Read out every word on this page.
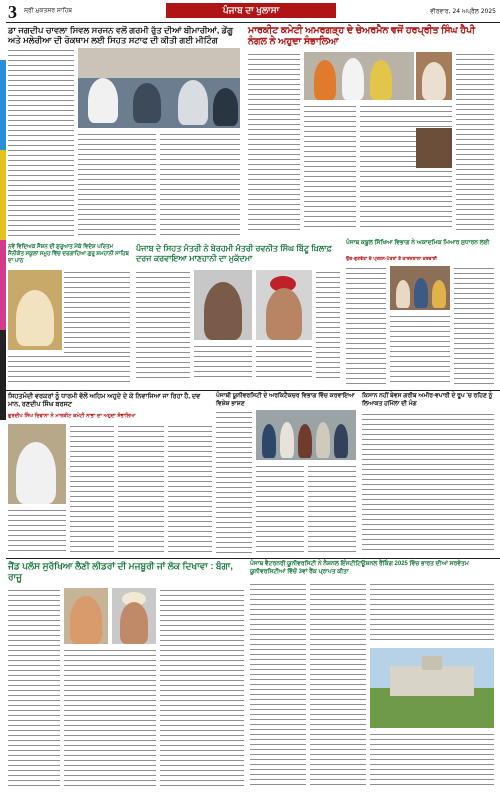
3 ਸ੍ਰੀ ਮੁਕਤਸਰ ਸਾਹਿਬ	ਪੰਜਾਬ ਦਾ ਖੁਲਾਸਾ	ਵੀਰਵਾਰ, 24 ਅਪ੍ਰੈਲ 2025
ਡਾ ਜਗਦੀਪ ਚਾਵਲਾ ਸਿਵਲ ਸਰਜਨ ਵਲੋਂ ਗਰਮੀ ਰੁੱਤ ਦੀਆਂ ਬੀਮਾਰੀਆਂ, ਡੇਂਗੂ ਅਤੇ ਮਲੇਰੀਆ ਦੀ ਰੋਕਥਾਮ ਲਈ ਸਿਹਤ ਸਟਾਫ ਦੀ ਕੀਤੀ ਗਈ ਮੀਟਿੰਗ
ਮਾਰਕੀਟ ਕਮੇਟੀ ਅਮਰਗੜ੍ਹ ਦੇ ਚੇਅਰਮੈਨ ਵਜੋਂ ਹਰਪ੍ਰੀਤ ਸਿੰਘ ਹੈਪੀ ਨੰਗਲ ਨੇ ਅਹੁਦਾ ਸੰਭਾਲਿਆ
ਨਵੇਂ ਵਿਦਿਅਕ ਸੈਸ਼ਨ ਦੀ ਸ਼ੁਰੂਆਤ ਮੌਕੇ ਵਿਦੇਸ਼ ਪਰਿਤਮ ਸੈਨੀਕੇਤ ਸਕੂਲਾਂ ਸਮੂਹ ਵਿੱਚ ਦਰਗਾਹਿਆ ਗੁਰੂ ਸ਼ਮਹਾਨੀ ਸਾਹਿਬ ਦਾ ਪਾਠ
ਪੰਜਾਬ ਦੇ ਸਿਹਤ ਮੰਤਰੀ ਨੇ ਬੇਰਹਮੀ ਮੰਤਰੀ ਰਵਨੀਤ ਸਿੰਘ ਬਿੱਟੂ ਖ਼ਿਲਾਫ਼ ਦਰਜ ਕਰਵਾਇਆ ਮਾਣਹਾਨੀ ਦਾ ਮੁਕੱਦਮਾ
ਪੰਜਾਬ ਕਬੂਲ ਸਿੱਖਿਆ ਵਿਭਾਗ ਨੇ ਅਕਾਦਮਿਕ ਮਿਆਰ ਸੁਧਾਰਨ ਲਈ
ਉਚ-ਗੁਣਵੱਤਾ ਦੇ ਪ੍ਰਸ਼ਨ-ਪੱਤਰਾਂ ਤੇ ਕਾਰਜਸ਼ਾਲਾ ਕਰਵਾਈ
ਸਿਹਤਮੰਦੀ ਵਰਕਰਾਂ ਨੂੰ ਧਾਰਮੀ ਵੱਲੋਂ ਅਹਿਮ ਅਹੁਦੇ ਦੇ ਕੇ ਨਿਵਾਜਿਆ ਜਾ ਰਿਹਾ ਹੈ, ਦਵ ਮਾਨ, ਰਣਦੀਪ ਸਿੰਘ ਬਰਸਟ
ਗੁਰਦੀਪ ਸਿੰਘ ਦਿਵਾਨਾ ਨੇ ਮਾਰਕੀਟ ਕਮੇਟੀ ਨਾਭਾ ਦਾ ਅਹੁਦਾ ਸੰਭਾਲਿਆ
ਪੰਜਾਬੀ ਯੂਨੀਵਰਸਿਟੀ ਦੇ ਅਰਕਿਟੈਕਚਰ ਵਿਭਾਗ ਵਿੱਚ ਕਰਵਾਇਆ ਵਿਸ਼ੇਸ਼ ਭਾਸ਼ਣ
ਕਿਸਾਨ ਨਹੀਂ ਬੇਵਸ ਗਰੀਬ ਅਮੀਰ-ਵਪਾਰੀ ਦੇ ਰੂਪ 'ਚ ਰਹਿਣ ਨੂੰ ਲਿਆਕਤ ਹਮਿੱਲਾ ਦੀ ਮੰਗ
ਜੈਂਡ ਪਲੱਸ ਸੁਰੱਖਿਆ ਲੈਣੀ ਲੀਡਰਾਂ ਦੀ ਮਜਬੂਰੀ ਜਾਂ ਲੋਕ ਦਿਖਾਵਾ : ਬੰਗਾ, ਰਾਜੂ
ਪੰਜਾਬ ਵੈਟਰਨਰੀ ਯੂਨੀਵਰਸਿਟੀ ਨੇ ਨੈਸ਼ਨਲ ਇੰਸਟੀਟਿਊਸ਼ਨਲ ਰੈਂਕਿੰਗ 2025 ਵਿੱਚ ਭਾਰਤ ਦੀਆਂ ਸਰਵੋਤਮ ਯੂਨੀਵਰਸਿਟੀਆਂ ਵਿੱਚੋਂ 3ਵਾਂ ਰੈਂਕ ਪ੍ਰਾਪਤ ਕੀਤਾ
